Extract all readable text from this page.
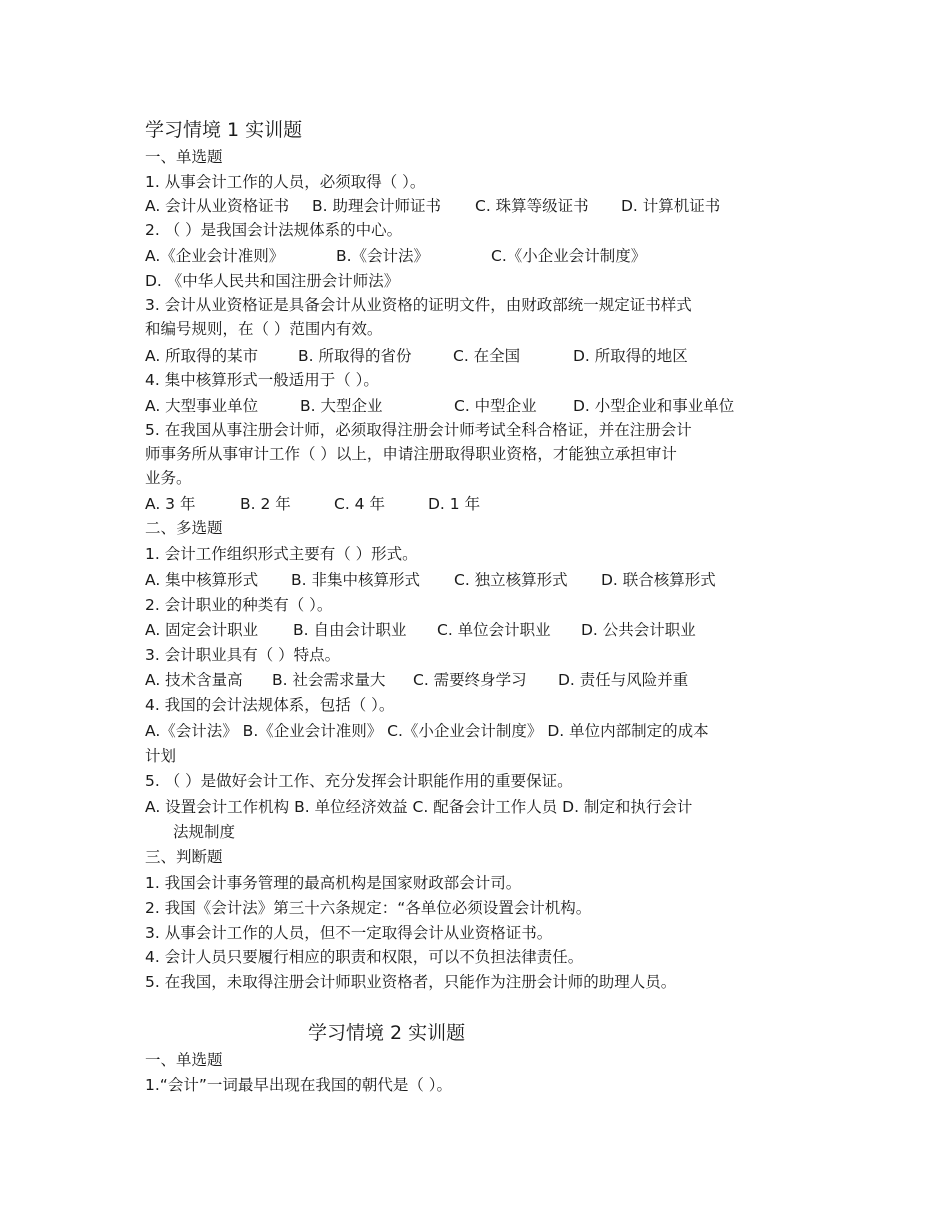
学习情境 1 实训题
一、单选题
1. 从事会计工作的人员，必须取得（ ）。
A. 会计从业资格证书 B. 助理会计师证书 C. 珠算等级证书 D. 计算机证书
2. （ ）是我国会计法规体系的中心。
A.《企业会计准则》	B.《会计法》	C.《小企业会计制度》
D. 《中华人民共和国注册会计师法》
3. 会计从业资格证是具备会计从业资格的证明文件，由财政部统一规定证书样式
和编号规则，在（ ）范围内有效。
A. 所取得的某市	B. 所取得的省份	C. 在全国	D. 所取得的地区
4. 集中核算形式一般适用于（ ）。
A. 大型事业单位	B. 大型企业	C. 中型企业 D. 小型企业和事业单位
5. 在我国从事注册会计师，必须取得注册会计师考试全科合格证，并在注册会计
师事务所从事审计工作（ ）以上，申请注册取得职业资格，才能独立承担审计
业务。
A. 3 年	B. 2 年	C. 4 年	D. 1 年
二、多选题
1. 会计工作组织形式主要有（ ）形式。
A. 集中核算形式 B. 非集中核算形式 C. 独立核算形式 D. 联合核算形式
2. 会计职业的种类有（ ）。
A. 固定会计职业 B. 自由会计职业 C. 单位会计职业 D. 公共会计职业
3. 会计职业具有（ ）特点。
A. 技术含量高 B. 社会需求量大 C. 需要终身学习 D. 责任与风险并重
4. 我国的会计法规体系，包括（ ）。
A.《会计法》 B.《企业会计准则》 C.《小企业会计制度》 D. 单位内部制定的成本
计划
5. （ ）是做好会计工作、充分发挥会计职能作用的重要保证。
A. 设置会计工作机构 B. 单位经济效益 C. 配备会计工作人员 D. 制定和执行会计
法规制度
三、判断题
1. 我国会计事务管理的最高机构是国家财政部会计司。
2. 我国《会计法》第三十六条规定：“各单位必须设置会计机构。
3. 从事会计工作的人员，但不一定取得会计从业资格证书。
4. 会计人员只要履行相应的职责和权限，可以不负担法律责任。
5. 在我国，未取得注册会计师职业资格者，只能作为注册会计师的助理人员。
学习情境 2 实训题
一、单选题
1.“会计”一词最早出现在我国的朝代是（ ）。
